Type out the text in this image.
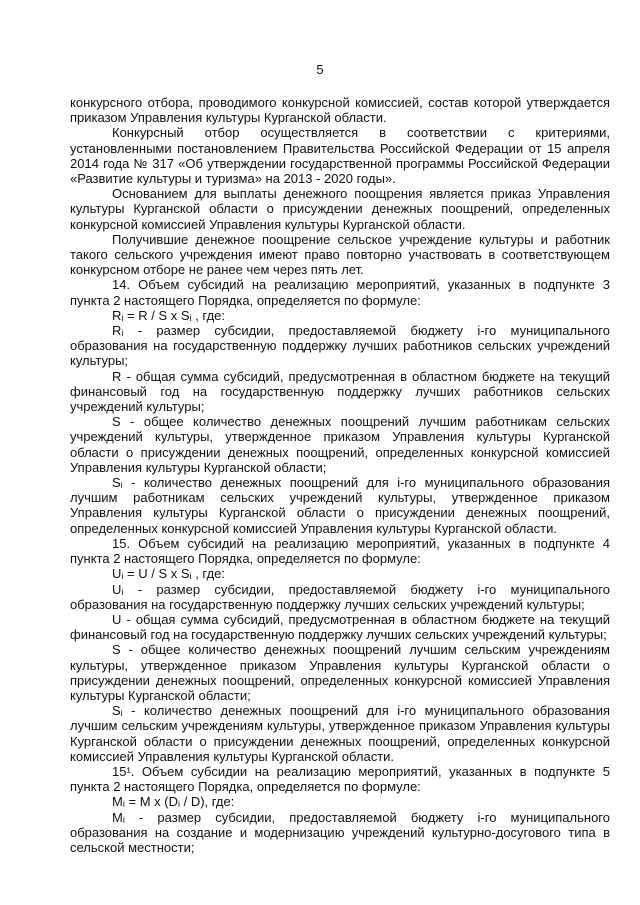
5

конкурсного отбора, проводимого конкурсной комиссией, состав которой утверждается приказом Управления культуры Курганской области.

Конкурсный отбор осуществляется в соответствии с критериями, установленными постановлением Правительства Российской Федерации от 15 апреля 2014 года № 317 «Об утверждении государственной программы Российской Федерации «Развитие культуры и туризма» на 2013 - 2020 годы».

Основанием для выплаты денежного поощрения является приказ Управления культуры Курганской области о присуждении денежных поощрений, определенных конкурсной комиссией Управления культуры Курганской области.

Получившие денежное поощрение сельское учреждение культуры и работник такого сельского учреждения имеют право повторно участвовать в соответствующем конкурсном отборе не ранее чем через пять лет.

14. Объем субсидий на реализацию мероприятий, указанных в подпункте 3 пункта 2 настоящего Порядка, определяется по формуле:

Rᵢ = R / S x Sᵢ , где:

Rᵢ - размер субсидии, предоставляемой бюджету i-го муниципального образования на государственную поддержку лучших работников сельских учреждений культуры;

R - общая сумма субсидий, предусмотренная в областном бюджете на текущий финансовый год на государственную поддержку лучших работников сельских учреждений культуры;

S - общее количество денежных поощрений лучшим работникам сельских учреждений культуры, утвержденное приказом Управления культуры Курганской области о присуждении денежных поощрений, определенных конкурсной комиссией Управления культуры Курганской области;

Sᵢ - количество денежных поощрений для i-го муниципального образования лучшим работникам сельских учреждений культуры, утвержденное приказом Управления культуры Курганской области о присуждении денежных поощрений, определенных конкурсной комиссией Управления культуры Курганской области.

15. Объем субсидий на реализацию мероприятий, указанных в подпункте 4 пункта 2 настоящего Порядка, определяется по формуле:

Uᵢ = U / S x Sᵢ , где:

Uᵢ - размер субсидии, предоставляемой бюджету i-го муниципального образования на государственную поддержку лучших сельских учреждений культуры;

U - общая сумма субсидий, предусмотренная в областном бюджете на текущий финансовый год на государственную поддержку лучших сельских учреждений культуры;

S - общее количество денежных поощрений лучшим сельским учреждениям культуры, утвержденное приказом Управления культуры Курганской области о присуждении денежных поощрений, определенных конкурсной комиссией Управления культуры Курганской области;

Sᵢ - количество денежных поощрений для i-го муниципального образования лучшим сельским учреждениям культуры, утвержденное приказом Управления культуры Курганской области о присуждении денежных поощрений, определенных конкурсной комиссией Управления культуры Курганской области.

15¹. Объем субсидии на реализацию мероприятий, указанных в подпункте 5 пункта 2 настоящего Порядка, определяется по формуле:

Mᵢ = M x (Dᵢ / D), где:

Mᵢ - размер субсидии, предоставляемой бюджету i-го муниципального образования на создание и модернизацию учреждений культурно-досугового типа в сельской местности;
